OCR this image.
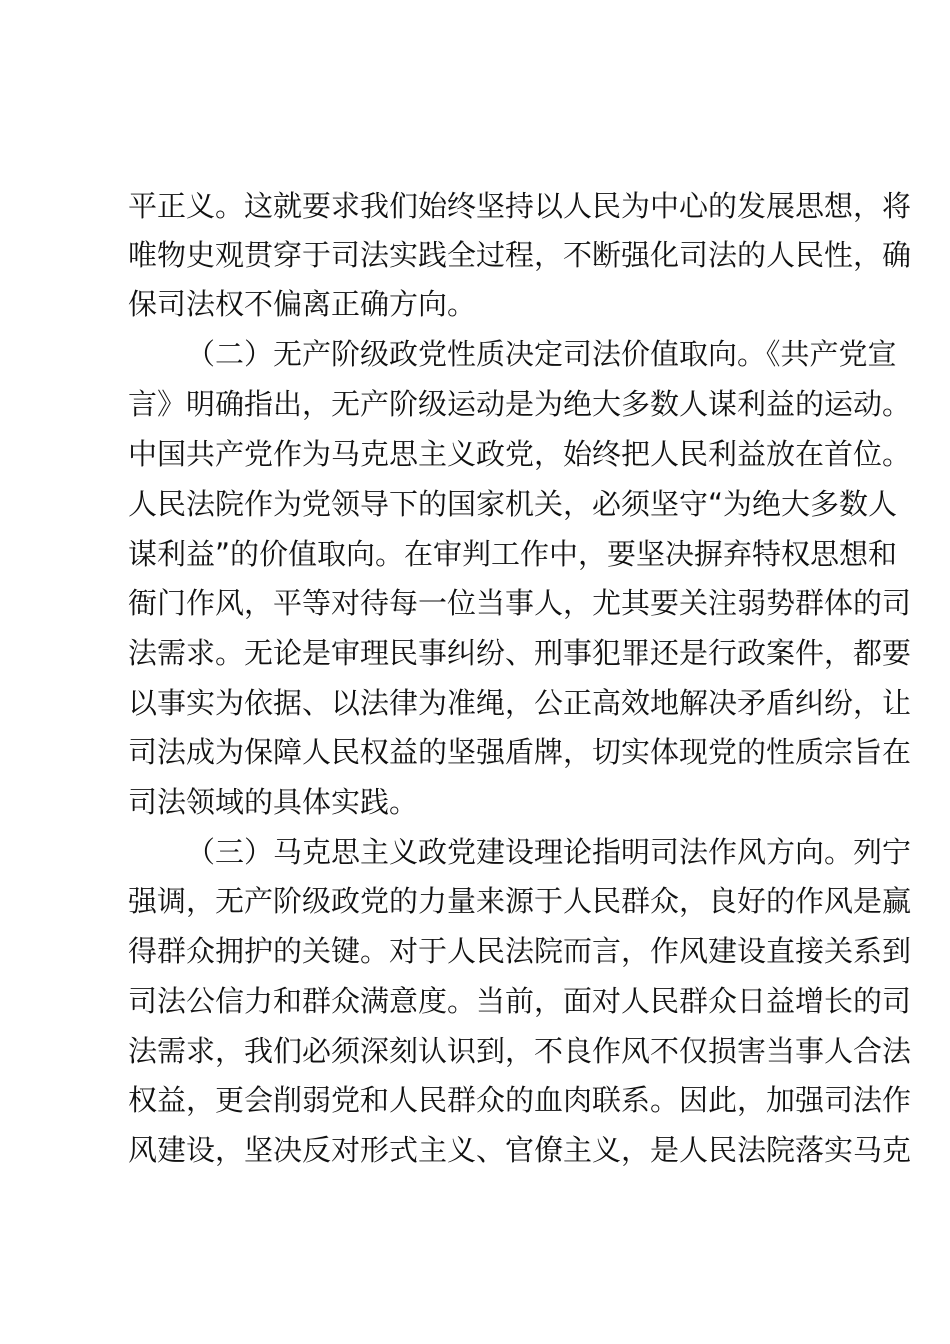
平正义。这就要求我们始终坚持以人民为中心的发展思想，将
唯物史观贯穿于司法实践全过程，不断强化司法的人民性，确
保司法权不偏离正确方向。
（二）无产阶级政党性质决定司法价值取向。《共产党宣
言》明确指出，无产阶级运动是为绝大多数人谋利益的运动。
中国共产党作为马克思主义政党，始终把人民利益放在首位。
人民法院作为党领导下的国家机关，必须坚守“为绝大多数人
谋利益”的价值取向。在审判工作中，要坚决摒弃特权思想和
衙门作风，平等对待每一位当事人，尤其要关注弱势群体的司
法需求。无论是审理民事纠纷、刑事犯罪还是行政案件，都要
以事实为依据、以法律为准绳，公正高效地解决矛盾纠纷，让
司法成为保障人民权益的坚强盾牌，切实体现党的性质宗旨在
司法领域的具体实践。
（三）马克思主义政党建设理论指明司法作风方向。列宁
强调，无产阶级政党的力量来源于人民群众，良好的作风是赢
得群众拥护的关键。对于人民法院而言，作风建设直接关系到
司法公信力和群众满意度。当前，面对人民群众日益增长的司
法需求，我们必须深刻认识到，不良作风不仅损害当事人合法
权益，更会削弱党和人民群众的血肉联系。因此，加强司法作
风建设，坚决反对形式主义、官僚主义，是人民法院落实马克
